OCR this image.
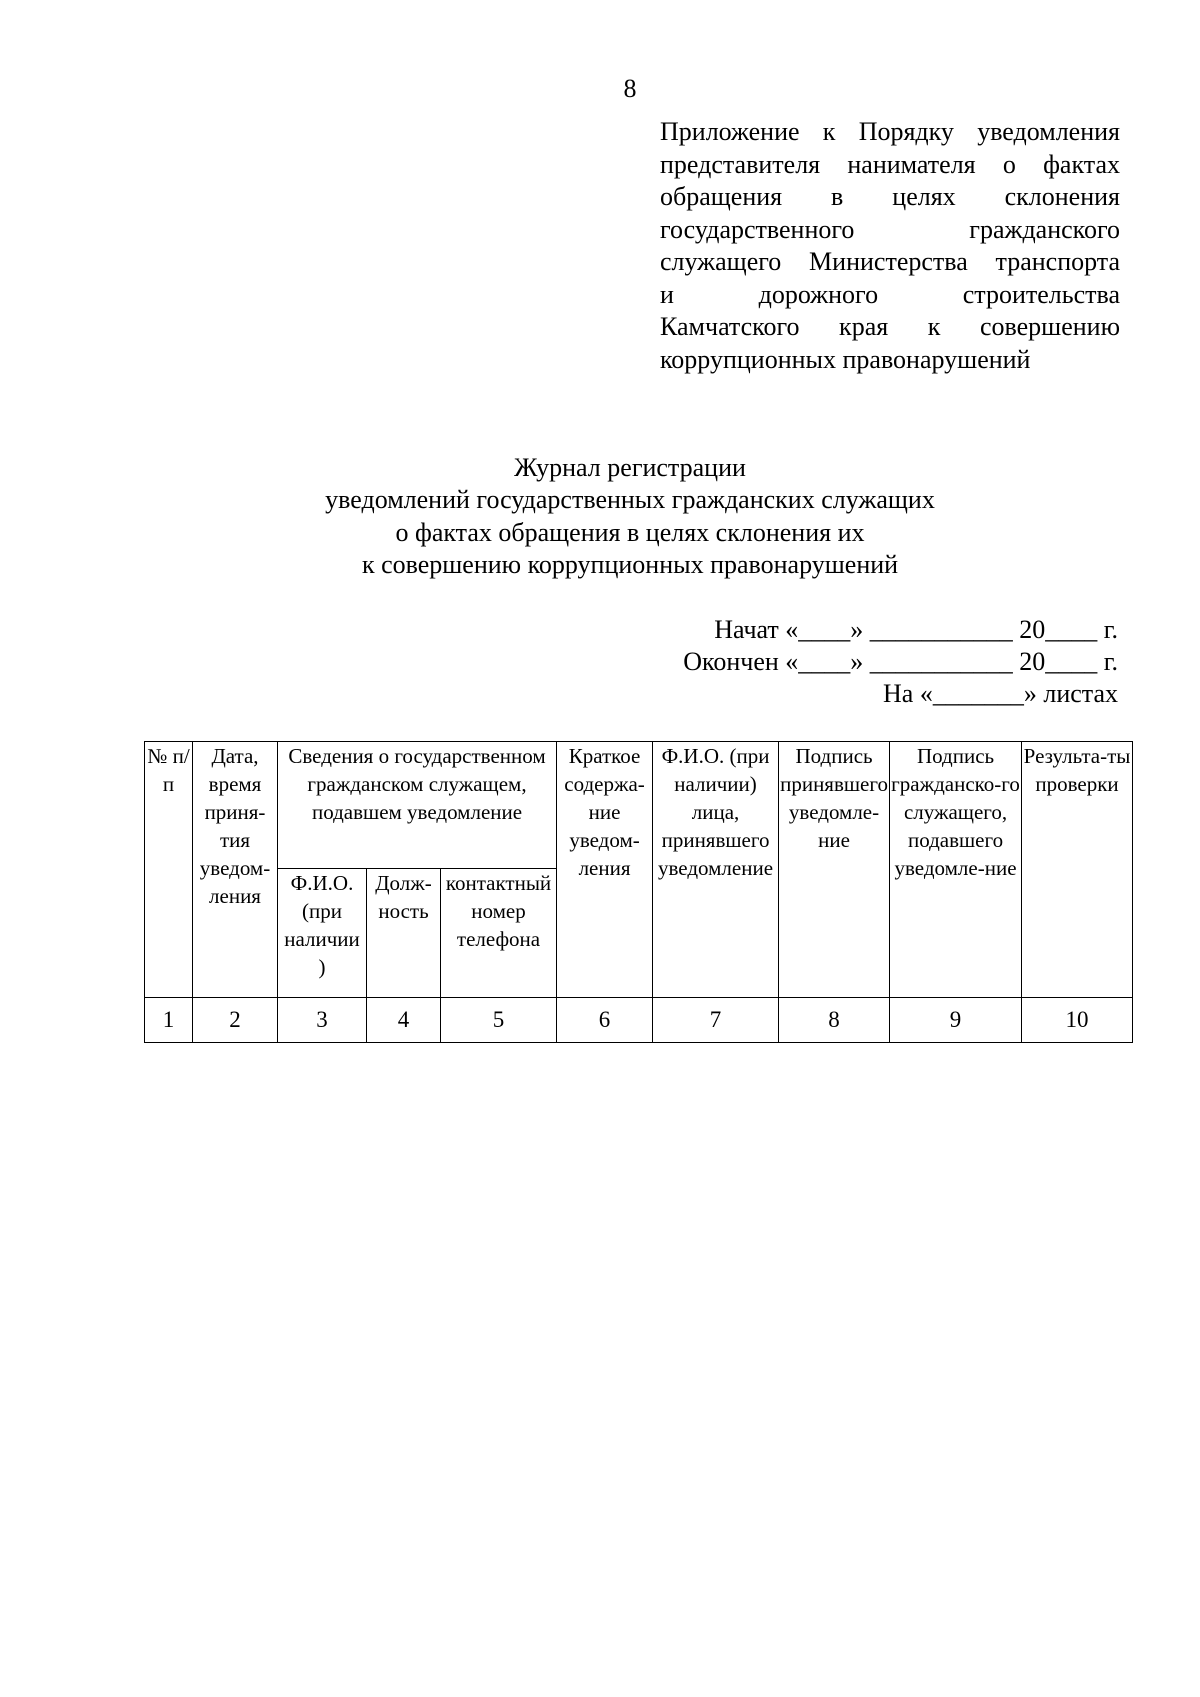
8
Приложение к Порядку уведомления
представителя нанимателя о фактах
обращения в целях склонения
государственного гражданского
служащего Министерства транспорта
и дорожного строительства
Камчатского края к совершению
коррупционных правонарушений
Журнал регистрации
уведомлений государственных гражданских служащих
о фактах обращения в целях склонения их
к совершению коррупционных правонарушений
Начат «____» ___________ 20____ г.
Окончен «____» ___________ 20____ г.
На «_______» листах
№ п/п	Дата, время приня-тия уведом-ления	Сведения о государственном гражданском служащем, подавшем уведомление			Краткое содержа-ние уведом-ления	Ф.И.О. (при наличии) лица, принявшего уведомление	Подпись принявшего уведомле-ние	Подпись гражданско-го служащего, подавшего уведомле-ние	Результа-ты проверки
		Ф.И.О. (при наличии )	Долж-ность	контактный номер телефона					
1	2	3	4	5	6	7	8	9	10
